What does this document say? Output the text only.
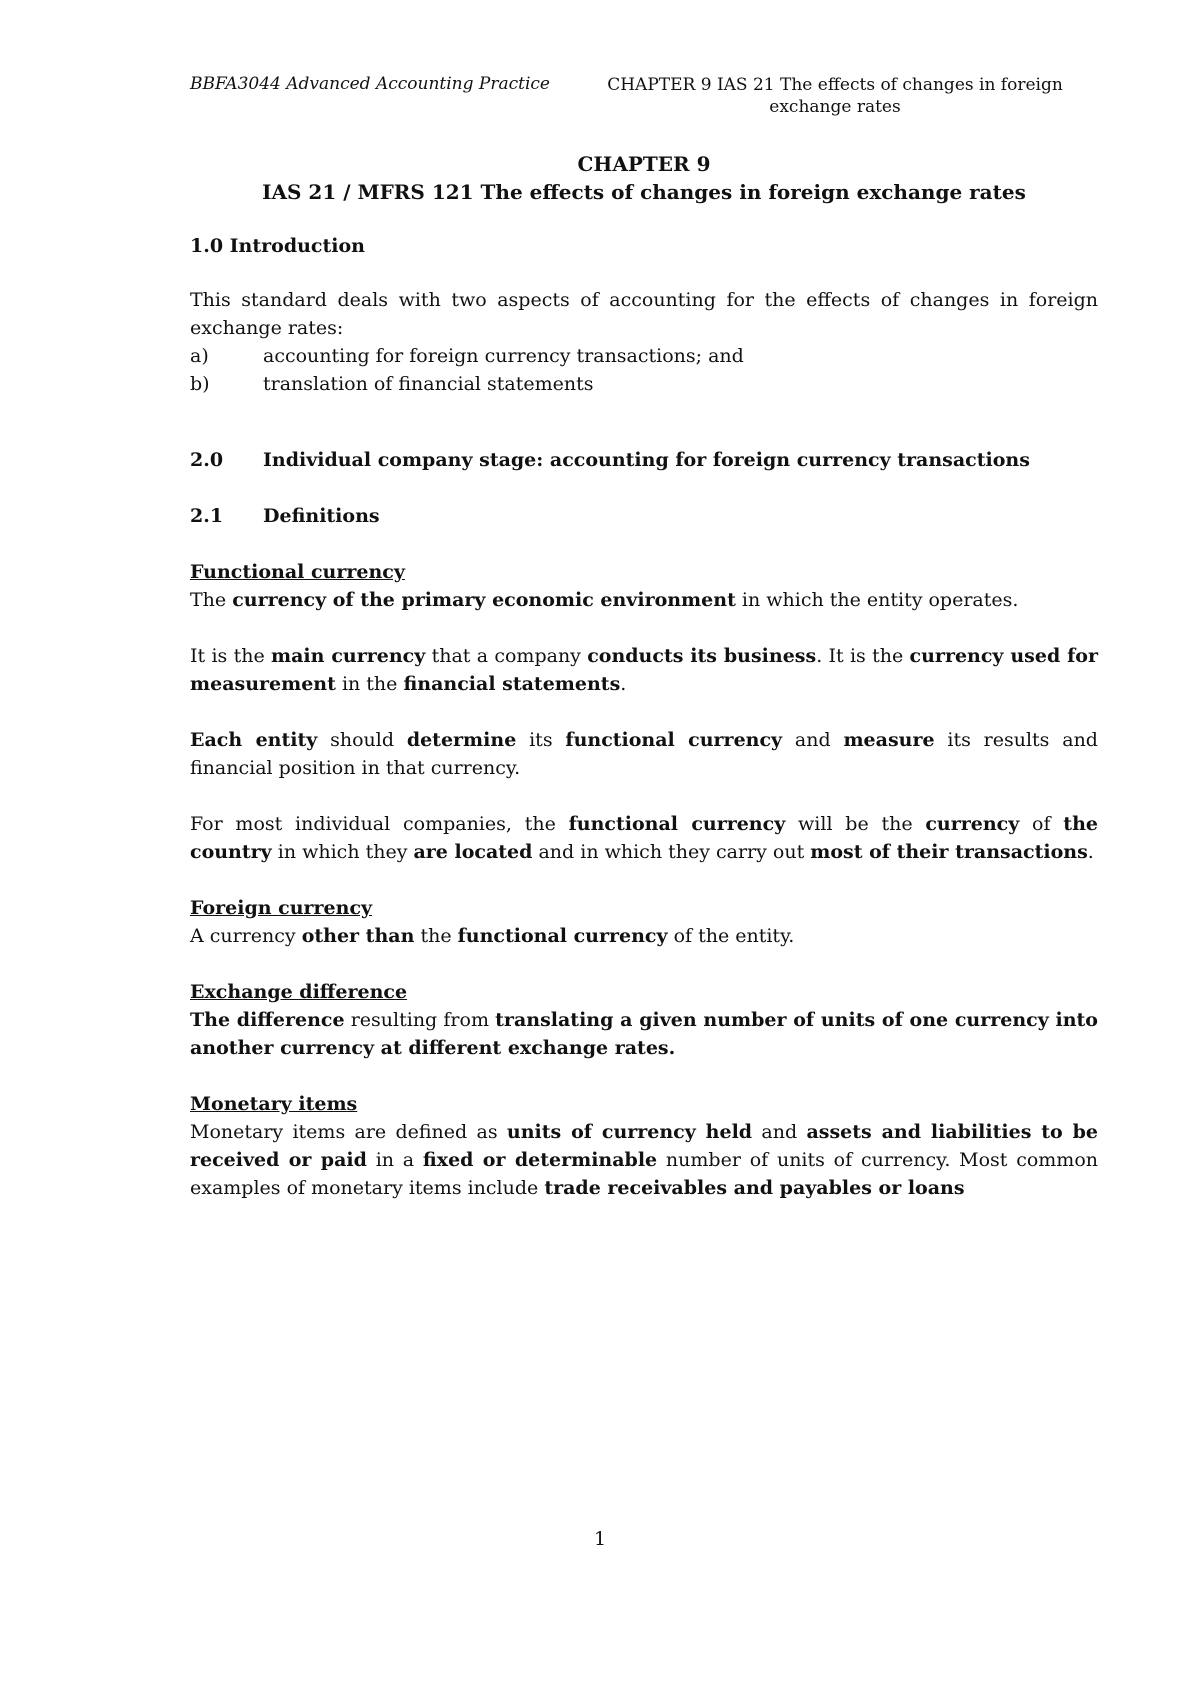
BBFA3044 Advanced Accounting Practice	CHAPTER 9 IAS 21 The effects of changes in foreign
exchange rates
CHAPTER 9
IAS 21 / MFRS 121 The effects of changes in foreign exchange rates
1.0 Introduction

This standard deals with two aspects of accounting for the effects of changes in foreign exchange rates:

a)	accounting for foreign currency transactions; and
b)	translation of financial statements
2.0 Individual company stage: accounting for foreign currency transactions
2.1 Definitions
Functional currency

The currency of the primary economic environment in which the entity operates.

It is the main currency that a company conducts its business. It is the currency used for measurement in the financial statements.

Each entity should determine its functional currency and measure its results and financial position in that currency.

For most individual companies, the functional currency will be the currency of the country in which they are located and in which they carry out most of their transactions.

Foreign currency

A currency other than the functional currency of the entity.

Exchange difference

The difference resulting from translating a given number of units of one currency into another currency at different exchange rates.

Monetary items

Monetary items are defined as units of currency held and assets and liabilities to be received or paid in a fixed or determinable number of units of currency. Most common examples of monetary items include trade receivables and payables or loans

1
